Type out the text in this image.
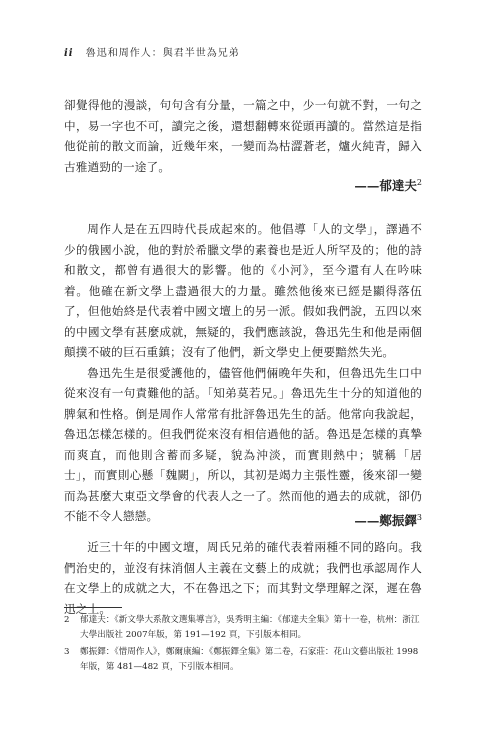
ii 魯迅和周作人：與君半世為兄弟

卻覺得他的漫談，句句含有分量，一篇之中，少一句就不對，一句之中，易一字也不可，讀完之後，還想翻轉來從頭再讀的。當然這是指他從前的散文而論，近幾年來，一變而為枯澀蒼老，爐火純青，歸入古雅遒勁的一途了。

——郁達夫$^2$

周作人是在五四時代長成起來的。他倡導「人的文學」，譯過不少的俄國小說，他的對於希臘文學的素養也是近人所罕及的；他的詩和散文，都曾有過很大的影響。他的《小河》，至今還有人在吟味着。他確在新文學上盡過很大的力量。雖然他後來已經是顯得落伍了，但他始終是代表着中國文壇上的另一派。假如我們說，五四以來的中國文學有甚麼成就，無疑的，我們應該說，魯迅先生和他是兩個顛撲不破的巨石重鎮；沒有了他們，新文學史上便要黯然失光。

魯迅先生是很愛護他的，儘管他們倆晚年失和，但魯迅先生口中從來沒有一句責難他的話。「知弟莫若兄。」魯迅先生十分的知道他的脾氣和性格。倒是周作人常常有批評魯迅先生的話。他常向我說起，魯迅怎樣怎樣的。但我們從來沒有相信過他的話。魯迅是怎樣的真摯而爽直，而他則含蓄而多疑，貌為沖淡，而實則熱中；號稱「居士」，而實則心懸「魏闕」，所以，其初是竭力主張性靈，後來卻一變而為甚麼大東亞文學會的代表人之一了。然而他的過去的成就，卻仍不能不令人戀戀。	——鄭振鐸$^3$

近三十年的中國文壇，周氏兄弟的確代表着兩種不同的路向。我們治史的，並沒有抹消個人主義在文藝上的成就；我們也承認周作人在文學上的成就之大，不在魯迅之下；而其對文學理解之深，遲在魯迅之上。

2	郁達夫：《新文學大系散文選集導言》，吳秀明主編：《郁達夫全集》第十一卷，杭州：浙江大學出版社 2007年版，第 191—192 頁，下引版本相同。
3	鄭振鐸：《惜周作人》，鄭爾康編：《鄭振鐸全集》第二卷，石家莊：花山文藝出版社 1998年版，第 481—482 頁，下引版本相同。
